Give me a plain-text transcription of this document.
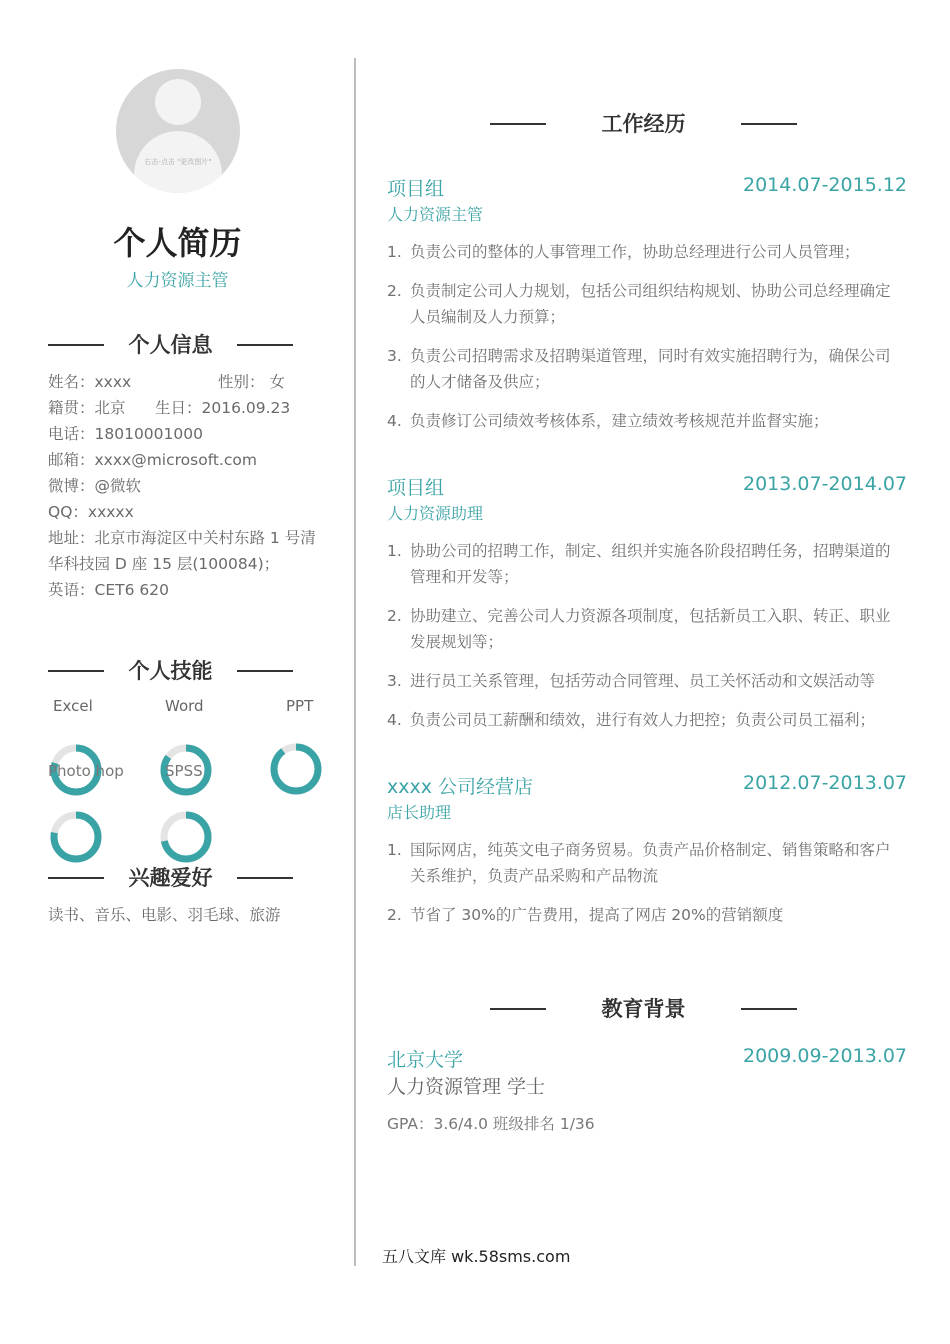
右击-点击 "更改图片"
个人简历
人力资源主管
个人信息
姓名：xxxx	性别： 女
籍贯：北京 生日：2016.09.23
电话：18010001000
邮箱：xxxx@microsoft.com
微博：@微软
QQ：xxxxx
地址：北京市海淀区中关村东路 1 号清
华科技园 D 座 15 层(100084)；
英语：CET6 620
个人技能
Excel	Word	PPT
Photo hop	SPSS
兴趣爱好
读书、音乐、电影、羽毛球、旅游
工作经历
项目组	2014.07-2015.12
人力资源主管
1. 负责公司的整体的人事管理工作，协助总经理进行公司人员管理；
2. 负责制定公司人力规划，包括公司组织结构规划、协助公司总经理确定人员编制及人力预算；
3. 负责公司招聘需求及招聘渠道管理，同时有效实施招聘行为，确保公司的人才储备及供应；
4. 负责修订公司绩效考核体系，建立绩效考核规范并监督实施；
项目组	2013.07-2014.07
人力资源助理
1. 协助公司的招聘工作，制定、组织并实施各阶段招聘任务，招聘渠道的管理和开发等；
2. 协助建立、完善公司人力资源各项制度，包括新员工入职、转正、职业发展规划等；
3. 进行员工关系管理，包括劳动合同管理、员工关怀活动和文娱活动等
4. 负责公司员工薪酬和绩效，进行有效人力把控；负责公司员工福利；
xxxx 公司经营店	2012.07-2013.07
店长助理
1. 国际网店，纯英文电子商务贸易。负责产品价格制定、销售策略和客户关系维护，负责产品采购和产品物流
2. 节省了 30%的广告费用，提高了网店 20%的营销额度
教育背景
北京大学	2009.09-2013.07
人力资源管理 学士
GPA：3.6/4.0 班级排名 1/36
五八文库 wk.58sms.com
